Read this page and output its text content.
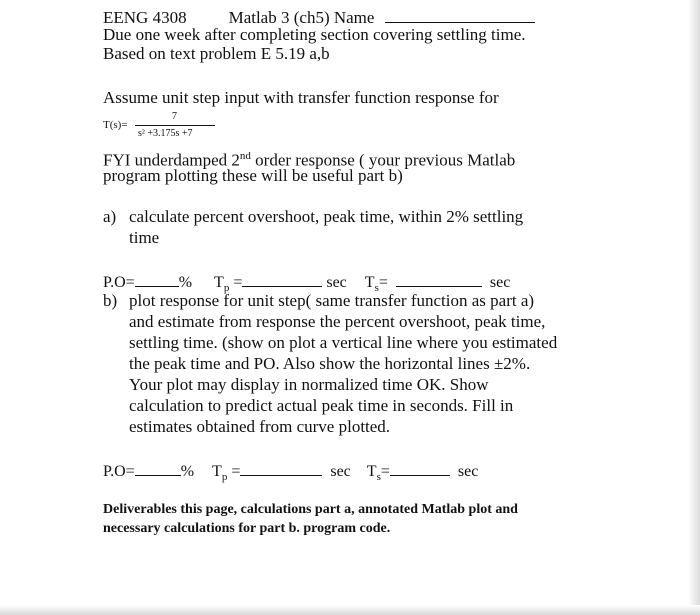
EENG 4308 Matlab 3 (ch5) Name
Due one week after completing section covering settling time.
Based on text problem E 5.19 a,b
Assume unit step input with transfer function response for
T(s)=
7
s² +3.175s +7
FYI underdamped 2nd order response ( your previous Matlab
program plotting these will be useful part b)
a) calculate percent overshoot, peak time, within 2% settling
time
P.O=	% $T_p$ =	$\sec T_s=$	sec
b) plot response for unit step( same transfer function as part a)
and estimate from response the percent overshoot, peak time,
settling time. (show on plot a vertical line where you estimated
the peak time and PO. Also show the horizontal lines ±2%.
Your plot may display in normalized time OK. Show
calculation to predict actual peak time in seconds. Fill in
estimates obtained from curve plotted.
P.O=	% $T_p$ =	$\sec T_s=$	sec
Deliverables this page, calculations part a, annotated Matlab plot and
necessary calculations for part b. program code.
